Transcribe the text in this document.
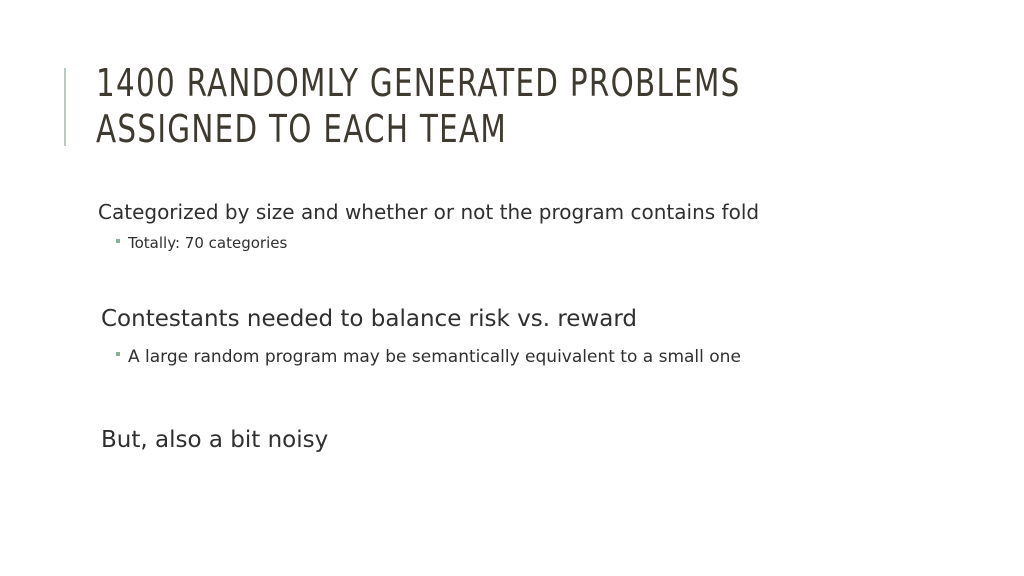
1400 RANDOMLY GENERATED PROBLEMS
ASSIGNED TO EACH TEAM
Categorized by size and whether or not the program contains fold
Totally: 70 categories
Contestants needed to balance risk vs. reward
A large random program may be semantically equivalent to a small one
But, also a bit noisy
